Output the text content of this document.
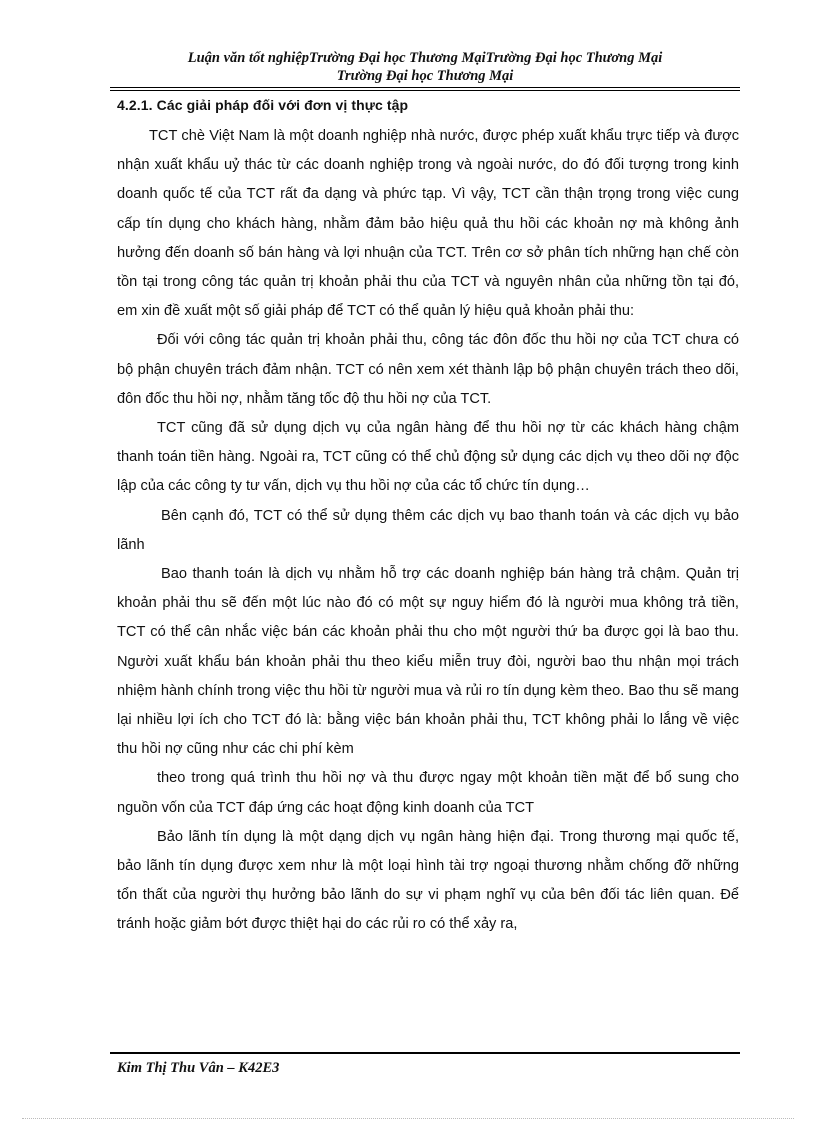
Luận văn tốt nghiệpTrường Đại học Thương MạiTrường Đại học Thương Mại
Trường Đại học Thương Mại
4.2.1. Các giải pháp đối với đơn vị thực tập

TCT chè Việt Nam là một doanh nghiệp nhà nước, được phép xuất khẩu trực tiếp và được nhận xuất khẩu uỷ thác từ các doanh nghiệp trong và ngoài nước, do đó đối tượng trong kinh doanh quốc tế của TCT rất đa dạng và phức tạp. Vì vậy, TCT cần thận trọng trong việc cung cấp tín dụng cho khách hàng, nhằm đảm bảo hiệu quả thu hồi các khoản nợ mà không ảnh hưởng đến doanh số bán hàng và lợi nhuận của TCT. Trên cơ sở phân tích những hạn chế còn tồn tại trong công tác quản trị khoản phải thu của TCT và nguyên nhân của những tồn tại đó, em xin đề xuất một số giải pháp để TCT có thể quản lý hiệu quả khoản phải thu:

Đối với công tác quản trị khoản phải thu, công tác đôn đốc thu hồi nợ của TCT chưa có bộ phận chuyên trách đảm nhận. TCT có nên xem xét thành lập bộ phận chuyên trách theo dõi, đôn đốc thu hồi nợ, nhằm tăng tốc độ thu hồi nợ của TCT.

TCT cũng đã sử dụng dịch vụ của ngân hàng để thu hồi nợ từ các khách hàng chậm thanh toán tiền hàng. Ngoài ra, TCT cũng có thể chủ động sử dụng các dịch vụ theo dõi nợ độc lập của các công ty tư vấn, dịch vụ thu hồi nợ của các tổ chức tín dụng…

Bên cạnh đó, TCT có thể sử dụng thêm các dịch vụ bao thanh toán và các dịch vụ bảo lãnh

Bao thanh toán là dịch vụ nhằm hỗ trợ các doanh nghiệp bán hàng trả chậm. Quản trị khoản phải thu sẽ đến một lúc nào đó có một sự nguy hiểm đó là người mua không trả tiền, TCT có thể cân nhắc việc bán các khoản phải thu cho một người thứ ba được gọi là bao thu. Người xuất khẩu bán khoản phải thu theo kiểu miễn truy đòi, người bao thu nhận mọi trách nhiệm hành chính trong việc thu hồi từ người mua và rủi ro tín dụng kèm theo. Bao thu sẽ mang lại nhiều lợi ích cho TCT đó là: bằng việc bán khoản phải thu, TCT không phải lo lắng về việc thu hồi nợ cũng như các chi phí kèm

theo trong quá trình thu hồi nợ và thu được ngay một khoản tiền mặt để bổ sung cho nguồn vốn của TCT đáp ứng các hoạt động kinh doanh của TCT

Bảo lãnh tín dụng là một dạng dịch vụ ngân hàng hiện đại. Trong thương mại quốc tế, bảo lãnh tín dụng được xem như là một loại hình tài trợ ngoại thương nhằm chống đỡ những tổn thất của người thụ hưởng bảo lãnh do sự vi phạm nghĩ vụ của bên đối tác liên quan. Để tránh hoặc giảm bớt được thiệt hại do các rủi ro có thể xảy ra,

Kim Thị Thu Vân – K42E3
